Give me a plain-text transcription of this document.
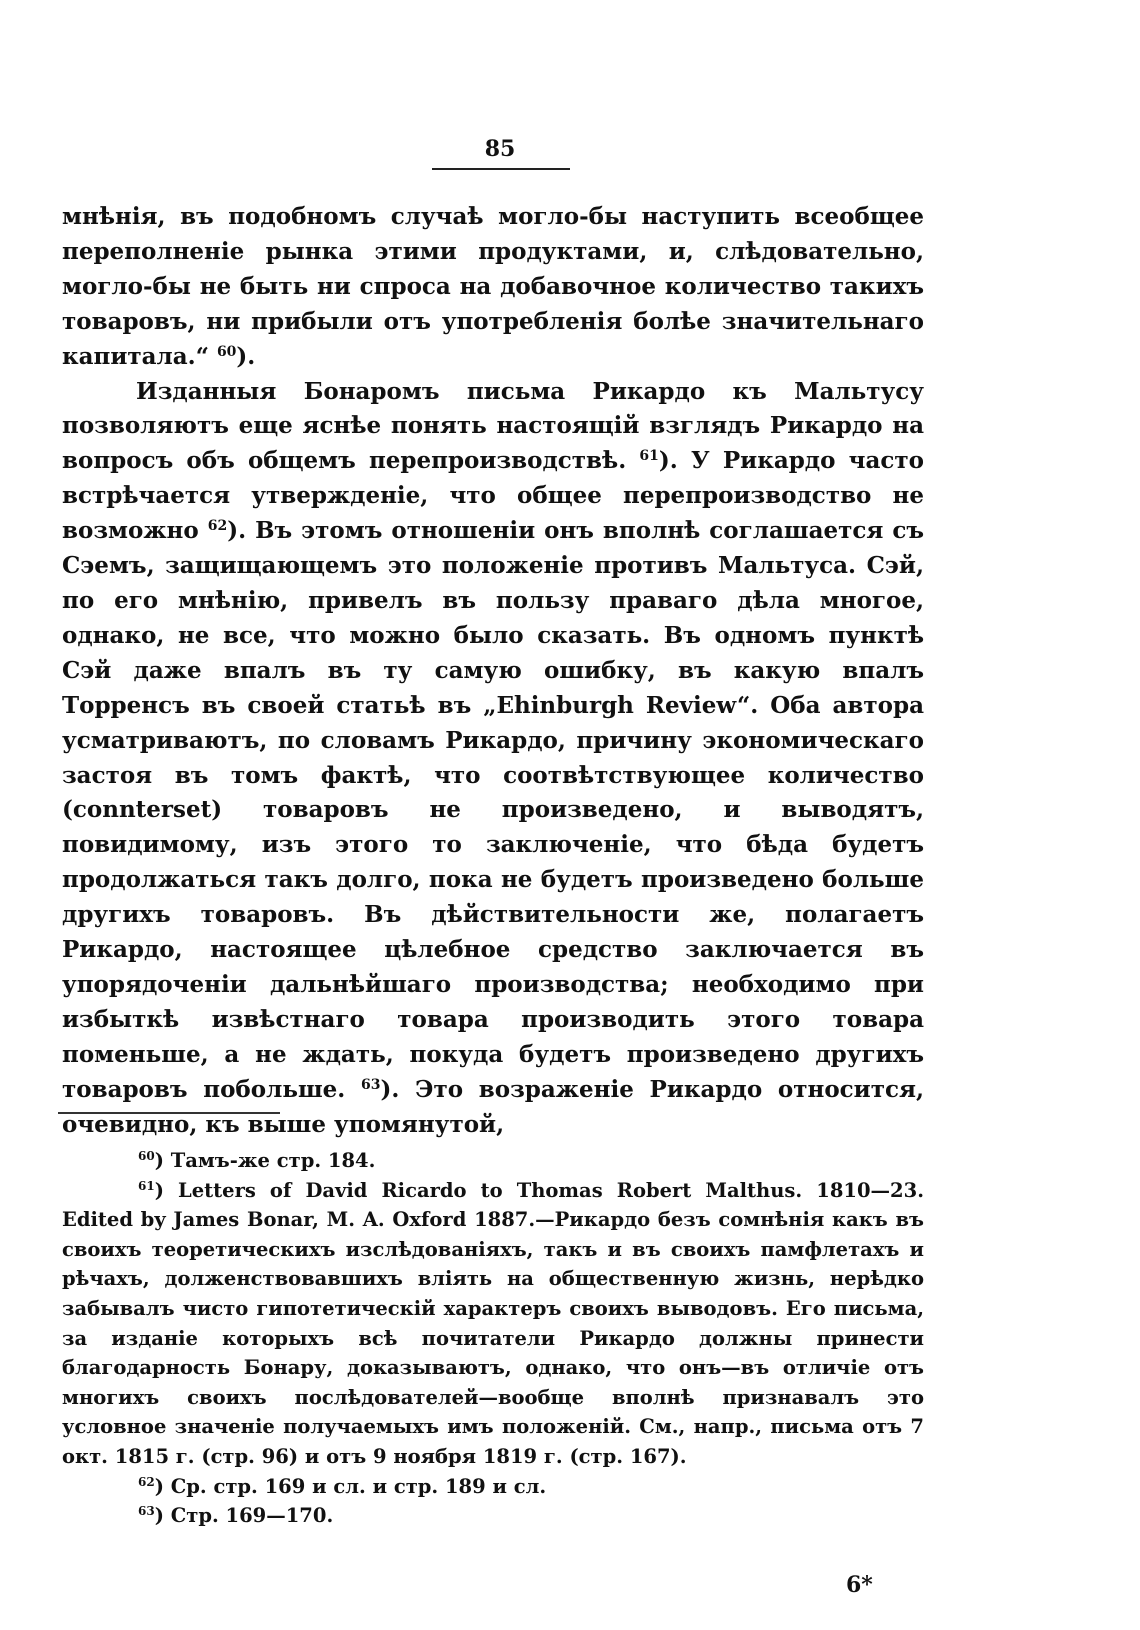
85

мнѣнія, въ подобномъ случаѣ могло-бы наступить всеобщее переполненіе рынка этими продуктами, и, слѣдовательно, могло-бы не быть ни спроса на добавочное количество такихъ товаровъ, ни прибыли отъ употребленія болѣе значительнаго капитала.“ $^{60}$).

Изданныя Бонаромъ письма Рикардо къ Мальтусу позволяютъ еще яснѣе понять настоящій взглядъ Рикардо на вопросъ объ общемъ перепроизводствѣ. $^{61}$). У Рикардо часто встрѣчается утвержденіе, что общее перепроизводство не возможно $^{62}$). Въ этомъ отношеніи онъ вполнѣ соглашается съ Сэемъ, защищающемъ это положеніе противъ Мальтуса. Сэй, по его мнѣнію, привелъ въ пользу праваго дѣла многое, однако, не все, что можно было сказать. Въ одномъ пунктѣ Сэй даже впалъ въ ту самую ошибку, въ какую впалъ Торренсъ въ своей статьѣ въ „Ehinburgh Review“. Оба автора усматриваютъ, по словамъ Рикардо, причину экономическаго застоя въ томъ фактѣ, что соотвѣтствующее количество (connterset) товаровъ не произведено, и выводятъ, повидимому, изъ этого то заключеніе, что бѣда будетъ продолжаться такъ долго, пока не будетъ произведено больше другихъ товаровъ. Въ дѣйствительности же, полагаетъ Рикардо, настоящее цѣлебное средство заключается въ упорядоченіи дальнѣйшаго производства; необходимо при избыткѣ извѣстнаго товара производить этого товара поменьше, а не ждать, покуда будетъ произведено другихъ товаровъ побольше. $^{63}$). Это возраженіе Рикардо относится, очевидно, къ выше упомянутой,

$^{60}$) Тамъ-же стр. 184.

$^{61}$) Letters of David Ricardo to Thomas Robert Malthus. 1810—23. Edited by James Bonar, M. A. Oxford 1887.—Рикардо безъ сомнѣнія какъ въ своихъ теоретическихъ изслѣдованіяхъ, такъ и въ своихъ памфлетахъ и рѣчахъ, долженствовавшихъ вліять на общественную жизнь, нерѣдко забывалъ чисто гипотетическій характеръ своихъ выводовъ. Его письма, за изданіе которыхъ всѣ почитатели Рикардо должны принести благодарность Бонару, доказываютъ, однако, что онъ—въ отличіе отъ многихъ своихъ послѣдователей—вообще вполнѣ признавалъ это условное значеніе получаемыхъ имъ положеній. См., напр., письма отъ 7 окт. 1815 г. (стр. 96) и отъ 9 ноября 1819 г. (стр. 167).

$^{62}$) Ср. стр. 169 и сл. и стр. 189 и сл.

$^{63}$) Стр. 169—170.

6*
